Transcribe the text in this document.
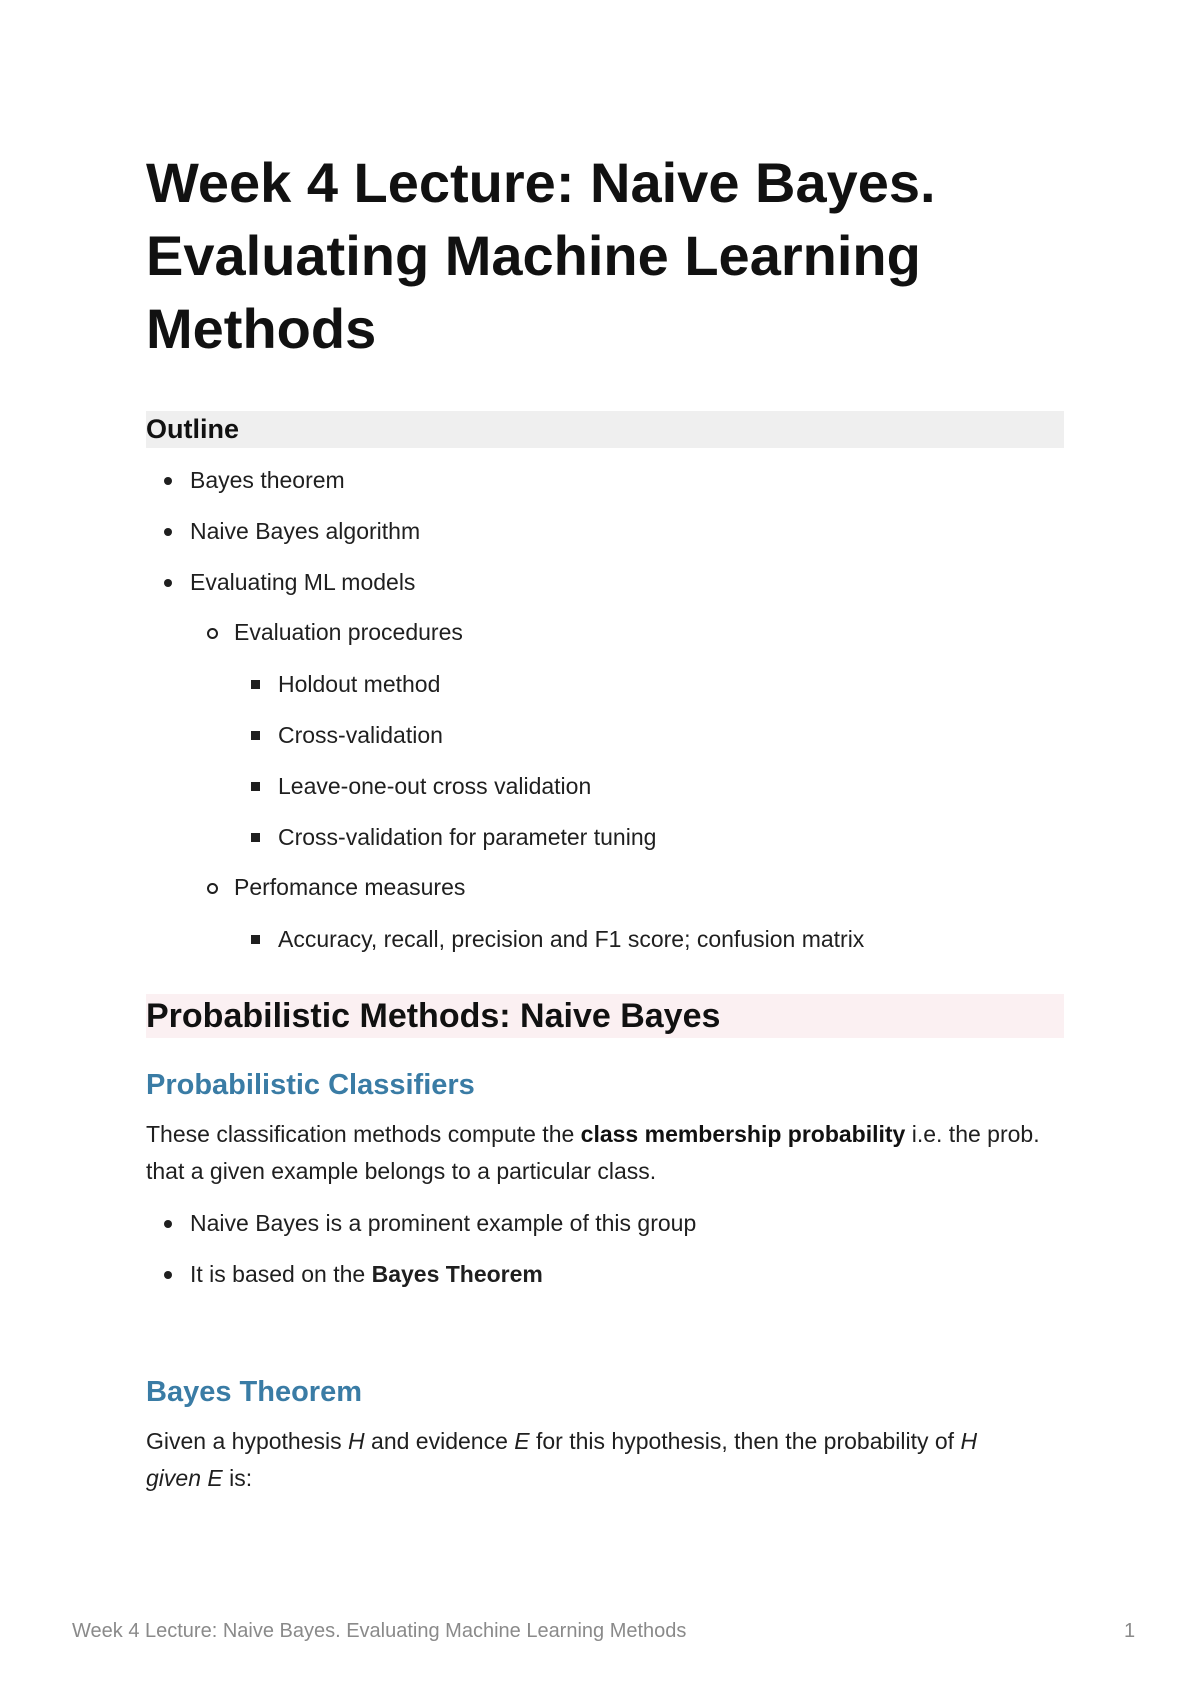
Week 4 Lecture: Naive Bayes.
Evaluating Machine Learning
Methods
Outline
Bayes theorem
Naive Bayes algorithm
Evaluating ML models
Evaluation procedures
Holdout method
Cross-validation
Leave-one-out cross validation
Cross-validation for parameter tuning
Perfomance measures
Accuracy, recall, precision and F1 score; confusion matrix
Probabilistic Methods: Naive Bayes
Probabilistic Classifiers

These classification methods compute the class membership probability i.e. the prob. that a given example belongs to a particular class.

Naive Bayes is a prominent example of this group
It is based on the Bayes Theorem
Bayes Theorem

Given a hypothesis H and evidence E for this hypothesis, then the probability of H
given E is:

Week 4 Lecture: Naive Bayes. Evaluating Machine Learning Methods	1
